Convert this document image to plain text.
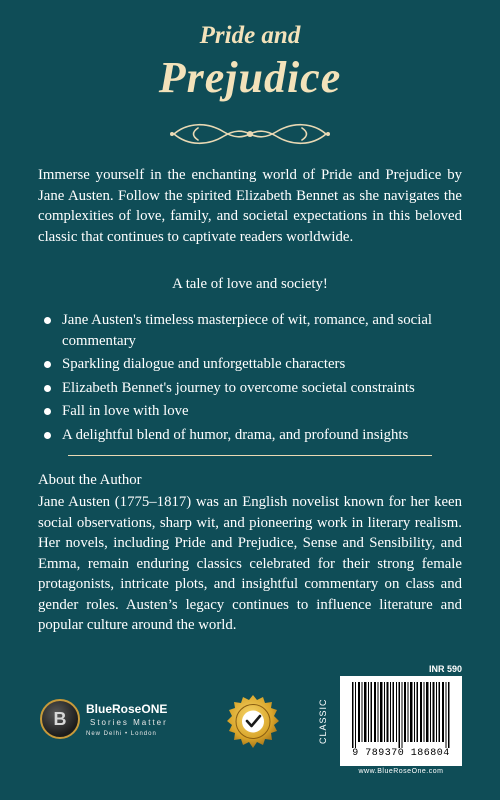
Pride and
Prejudice
Immerse yourself in the enchanting world of Pride and Prejudice by Jane Austen. Follow the spirited Elizabeth Bennet as she navigates the complexities of love, family, and societal expectations in this beloved classic that continues to captivate readers worldwide.
A tale of love and society!
Jane Austen's timeless masterpiece of wit, romance, and social commentary
Sparkling dialogue and unforgettable characters
Elizabeth Bennet's journey to overcome societal constraints
Fall in love with love
A delightful blend of humor, drama, and profound insights
About the Author
Jane Austen (1775–1817) was an English novelist known for her keen social observations, sharp wit, and pioneering work in literary realism. Her novels, including Pride and Prejudice, Sense and Sensibility, and Emma, remain enduring classics celebrated for their strong female protagonists, intricate plots, and insightful commentary on class and gender roles. Austen’s legacy continues to influence literature and popular culture around the world.
B	BlueRoseONE
Stories Matter
New Delhi • London
INR 590
CLASSIC
9 789370 186804
www.BlueRoseOne.com
